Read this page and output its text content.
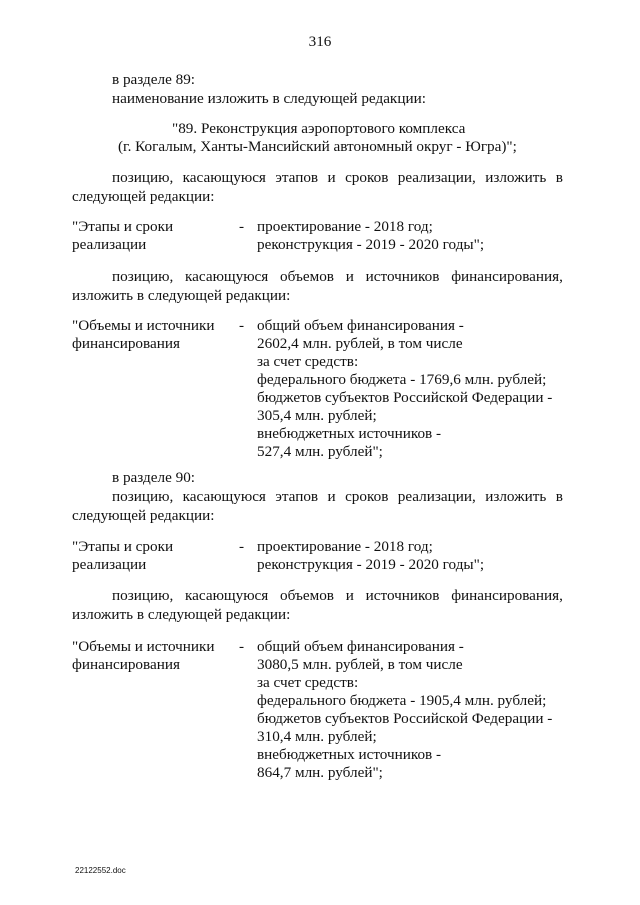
316
в разделе 89:
наименование изложить в следующей редакции:
"89. Реконструкция аэропортового комплекса
(г. Когалым, Ханты-Мансийский автономный округ - Югра)";
позицию, касающуюся этапов и сроков реализации, изложить в
следующей редакции:
"Этапы и сроки
реализации
- проектирование - 2018 год;
реконструкция - 2019 - 2020 годы";
позицию, касающуюся объемов и источников финансирования,
изложить в следующей редакции:
"Объемы и источники
финансирования
- общий объем финансирования -
2602,4 млн. рублей, в том числе
за счет средств:
федерального бюджета - 1769,6 млн. рублей;
бюджетов субъектов Российской Федерации -
305,4 млн. рублей;
внебюджетных источников -
527,4 млн. рублей";
в разделе 90:
позицию, касающуюся этапов и сроков реализации, изложить в
следующей редакции:
"Этапы и сроки
реализации
- проектирование - 2018 год;
реконструкция - 2019 - 2020 годы";
позицию, касающуюся объемов и источников финансирования,
изложить в следующей редакции:
"Объемы и источники
финансирования
- общий объем финансирования -
3080,5 млн. рублей, в том числе
за счет средств:
федерального бюджета - 1905,4 млн. рублей;
бюджетов субъектов Российской Федерации -
310,4 млн. рублей;
внебюджетных источников -
864,7 млн. рублей";
22122552.doc
